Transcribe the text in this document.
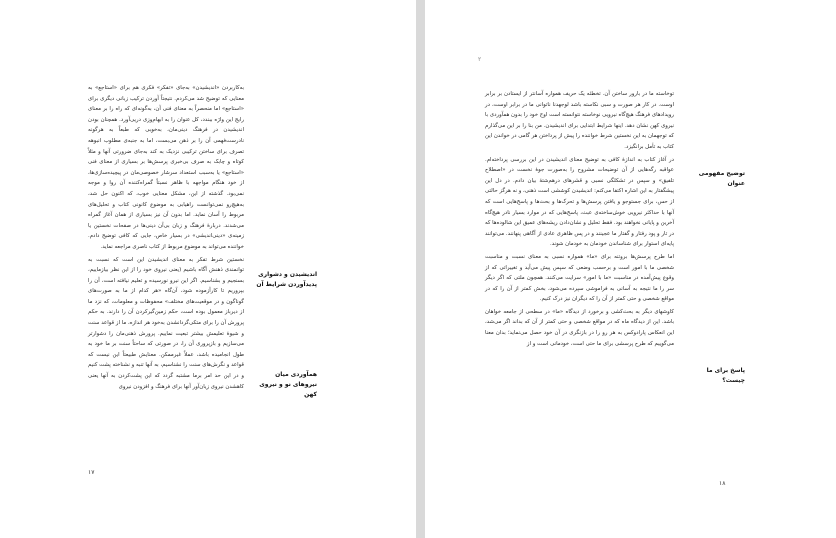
به‌کاربردن «اندیشیدن» به‌جای «تفکر» فکری هم برای «استاجع» به معنایی که توضیح شد می‌کردم. نتیجتاً آوردن ترکیب زبانی دیگری برای «استاجع» اما منحصراً به معنای فنی آن، به‌گونه‌ای که راه را بر معنای رایج این واژه ببندد، کل عنوان را به ابهام‌وزی دریی‌آورد. همچنان بودن اندیشیدن در فرهنگ دینی‌مان، به‌خوبی که طبعاً به هرگونه نادرست‌فهمی آن را بر ذهن می‌بست، اما به جنبه‌ی مطلوب انبوهه تصرف برای ساختن ترکیبی نزدیک به کند به‌جای ضرورتی آنها و مثلاً کوتاه و چابک به صرف بی‌خبری پرسش‌ها بر بسیاری از معنای فنی «استاجع» یا به‌سبب استعداد سرشار خصوصی‌مان در پیچیده‌سازی‌ها، از خود هنگام مواجهه با ظاهر نسبتاً گمراه‌کننده آن روا و موجه نمی‌بود. گذشته از این، مشکل معنایی خوب، که اکنون حل شد، به‌هیچ‌رو نمی‌توانست راهیابی به موضوع کانونی کتاب و تحلیل‌های مربوط را آسان نماید. اما بدون آن نیز بسیاری از همان آغاز گمراه می‌شدند. دربارهٔ فرهنگ و زبان بی‌آن دینی‌ها در صفحات نخستین یا زمینه‌ی «دینی‌اندیشی» در بسیار خاص، جایی که کافی توضیح دادم. خواننده می‌تواند به موضوع مربوط از کتاب ناصری مراجعه نماید.

نخستین شرط تفکر به معنای اندیشیدن این است که نسبت به توانمندی ذهنش آگاه باشیم (یعنی نیروی خود را از این نظر بیازماییم، بسنجیم و بشناسیم. اگر این نیرو نورسیده و تعلیم نیافته است، آن را بپروریم تا کارآزموده شود، آن‌گاه «هر کدام از ما به صورت‌های گوناگون و در موقعیت‌های مختلف» محفوظات و معلومات، که نزد ما از دیرباز معمول بوده است، حکم زمین‌گیرکردن آن را دارند. به حکم پرورش آن را برای متکی‌گردانشدن به‌خود هر اندازه، ما از قواعد سنت و شیوهٔ تعلیمش بیشتر تبعیت نماییم. پرورش ذهنی‌مان را دشوارتر می‌سازیم و بازپروری آن را، در صورتی که ساحتاً سنت بر ما خود به طول انجامیده باشد، عملاً غیرممکن. معنایش طبیعتاً این نیست که قواعد و نگرش‌های سنت را نشناسیم، به آنها تنبه و نشناخته پشت کنیم و در این حد امر برما مشتبه گردد که این پشت‌کردن به آنها یعنی کاهشدن نیروی زیان‌آور آنها برای فرهنگ و افزودن نیروی

اندیشیدن و دشواری پدیدآوردن شرایط آن
همآوردی میان نیروهای نو و نیروی کهن
۱۷
۲

توخاسته ما در بارور ساختن آن. تخطئه یک حریف همواره آسانتر از ایستادن بر برابر اوست. در کار هر صورت و سبی نکاسته باشد لوجهدنا ناتوانی ما در برابر اوست، در رویدادهای فرهنگ هیچ‌گاه نیرویی نوخاسته نتوانسته است اوج خود را بدون همآوردی با نیروی کهن نشان دهد. اینها شرایط ابتدایی برای اندیشیدن. من بنا را بر این می‌گذارم که توجهمان به این نخستین شرط خواننده را پیش از پرداختن هر گامی در خواندن این کتاب به تأمل برانگیزد.

در آغاز کتاب به اندازهٔ کافی به توضیح معنای اندیشیدن در این بررسی پرداخته‌ام. عواقبه رگه‌هایی از آن توضیحات مشروح را به‌صورت جوهٔ نخست در «اصطلاح تلفیق» و سپس در تشکلگی نسبی و قشرهای درهم‌شتهٔ بیان دادم. در دل این پیشگفتار به این اشاره اکتفا می‌کنم: اندیشیدن کوششی است ذهنی، و نه هرگز حالتی از حس، برای جستوجو و یافتن پرسش‌ها و تحرک‌ها و بحث‌ها و پاسخ‌هایی است که آنها با حداکثر نیرویی خوش‌ساخته‌ی عبث، پاسخ‌هایی که در موارد بسیار نادر هیچ‌گاه آخرین و پایانی نخواهند بود. فقط تحلیل و نشان‌دادن ریشه‌های عمیق این شالوده‌ها که در تار و پود رفتار و گفتار ما عجینند و در پس ظاهری عادی از آگاهی پنهانند. می‌توانند پایه‌ای استوار برای شناساندن خودمان به خودمان شوند.

اما طرح پرسش‌ها بروتنه برای «ما» همواره نسبی به معنای نسبت و مناسبت شخصی ما با امور است و برحسب وضعی که سپس پیش می‌آید و تغییراتی که از وقوع پیش‌آمده در مناسبت «ما با امور» سرایت می‌کنند. همچون ملتی که اگر دیگر سر را ما نتیجه به آسانی به فراموشی سپرده می‌شود، بخش کمتر از آن را که در مواقع شخصی و حتی کمتر از آن را که دیگران نیز درک کنیم.

کاوشهای دیگر به بحث‌کشی و برخورد از دیدگاه «ما» در سطحی از جامعه خواهان باشد. این از دیدگاه ماه که در مواقع شخصی و حتی کمتر از آن که بداند اگر می‌شد، این انعکاس پارادوکس به هر رو را در بازنگری در آن خود حصل می‌نماید؛ بدان معنا می‌گوییم که طرح پرسشی برای ما حتی است، خودمانی است و از

توضیح مفهومی عنوان
پاسخ برای ما چیست؟
۱۸
